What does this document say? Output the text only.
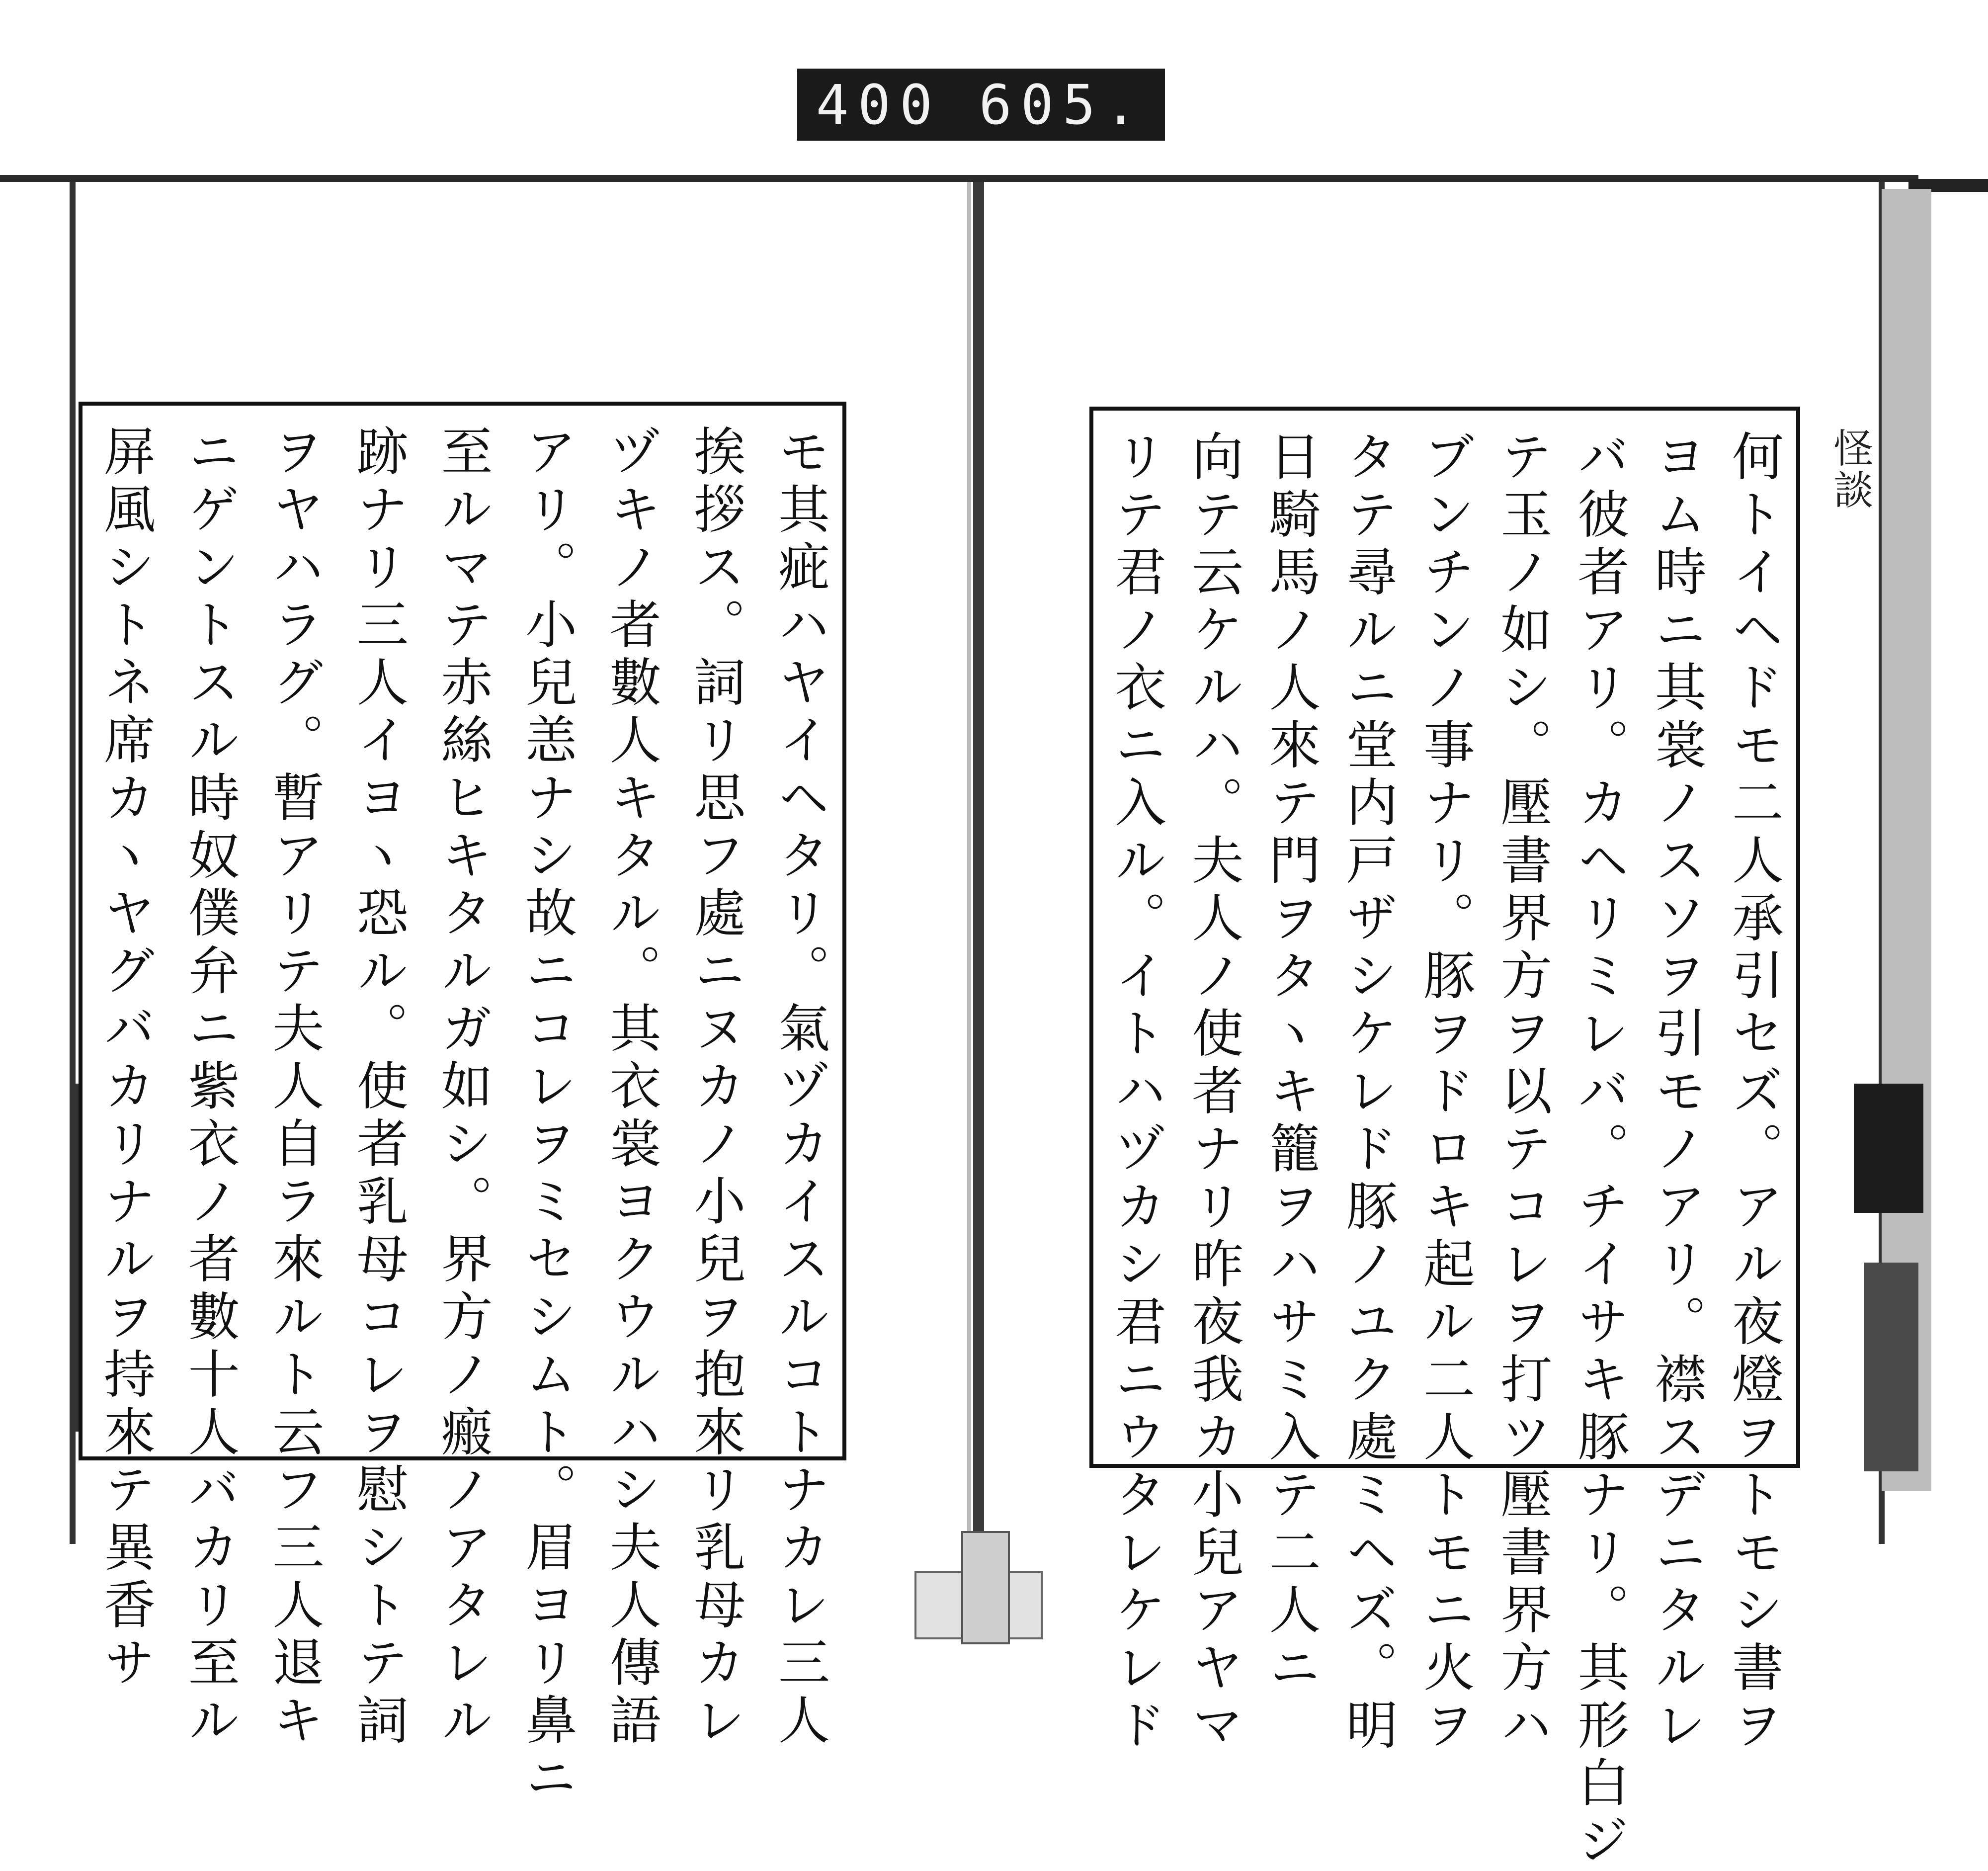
400 605.
怪談
何トイヘドモ二人承引セズ。アル夜燈ヲトモシ書ヲ
ヨム時ニ其裳ノスソヲ引モノアリ。襟スデニタルレ
バ彼者アリ。カヘリミレバ。チイサキ豚ナリ。其形白ジ
テ玉ノ如シ。壓書界方ヲ以テコレヲ打ツ壓書界方ハ
ブンチンノ事ナリ。豚ヲドロキ起ル二人トモニ火ヲ
タテ尋ルニ堂内戸ザシケレド豚ノユク處ミヘズ。明
日騎馬ノ人來テ門ヲタヽキ籠ヲハサミ入テ二人ニ
向テ云ケルハ。夫人ノ使者ナリ昨夜我カ小兒アヤマ
リテ君ノ衣ニ入ル。イトハヅカシ君ニウタレケレド
モ其疵ハヤイヘタリ。氣ヅカイスルコトナカレ三人
挨拶ス。詞リ思フ處ニヌカノ小兒ヲ抱來リ乳母カレ
ヅキノ者數人キタル。其衣裳ヨクウルハシ夫人傳語
アリ。小兒恙ナシ故ニコレヲミセシムト。眉ヨリ鼻ニ
至ルマテ赤絲ヒキタルガ如シ。界方ノ瘢ノアタレル
跡ナリ三人イヨヽ恐ル。使者乳母コレヲ慰シトテ詞
ヲヤハラグ。暫アリテ夫人自ラ來ルト云フ三人退キ
ニゲントスル時奴僕弁ニ紫衣ノ者數十人バカリ至ル
屏風シトネ席カヽヤグバカリナルヲ持來テ異香サ
